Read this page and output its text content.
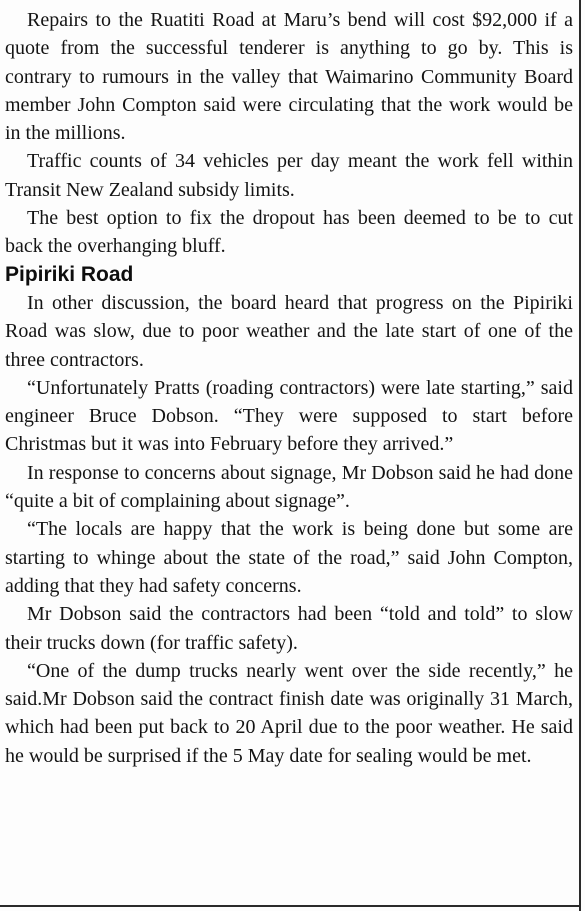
Repairs to the Ruatiti Road at Maru’s bend will cost $92,000 if a quote from the successful tenderer is anything to go by. This is contrary to rumours in the valley that Waimarino Community Board member John Compton said were circulating that the work would be in the millions.

Traffic counts of 34 vehicles per day meant the work fell within Transit New Zealand subsidy limits.

The best option to fix the dropout has been deemed to be to cut back the overhanging bluff.

Pipiriki Road

In other discussion, the board heard that progress on the Pipiriki Road was slow, due to poor weather and the late start of one of the three contractors.

“Unfortunately Pratts (roading contractors) were late starting,” said engineer Bruce Dobson. “They were supposed to start before Christmas but it was into February before they arrived.”

In response to concerns about signage, Mr Dobson said he had done “quite a bit of complaining about signage”.

“The locals are happy that the work is being done but some are starting to whinge about the state of the road,” said John Compton, adding that they had safety concerns.

Mr Dobson said the contractors had been “told and told” to slow their trucks down (for traffic safety).

“One of the dump trucks nearly went over the side recently,” he said.Mr Dobson said the contract finish date was originally 31 March, which had been put back to 20 April due to the poor weather. He said he would be surprised if the 5 May date for sealing would be met.
